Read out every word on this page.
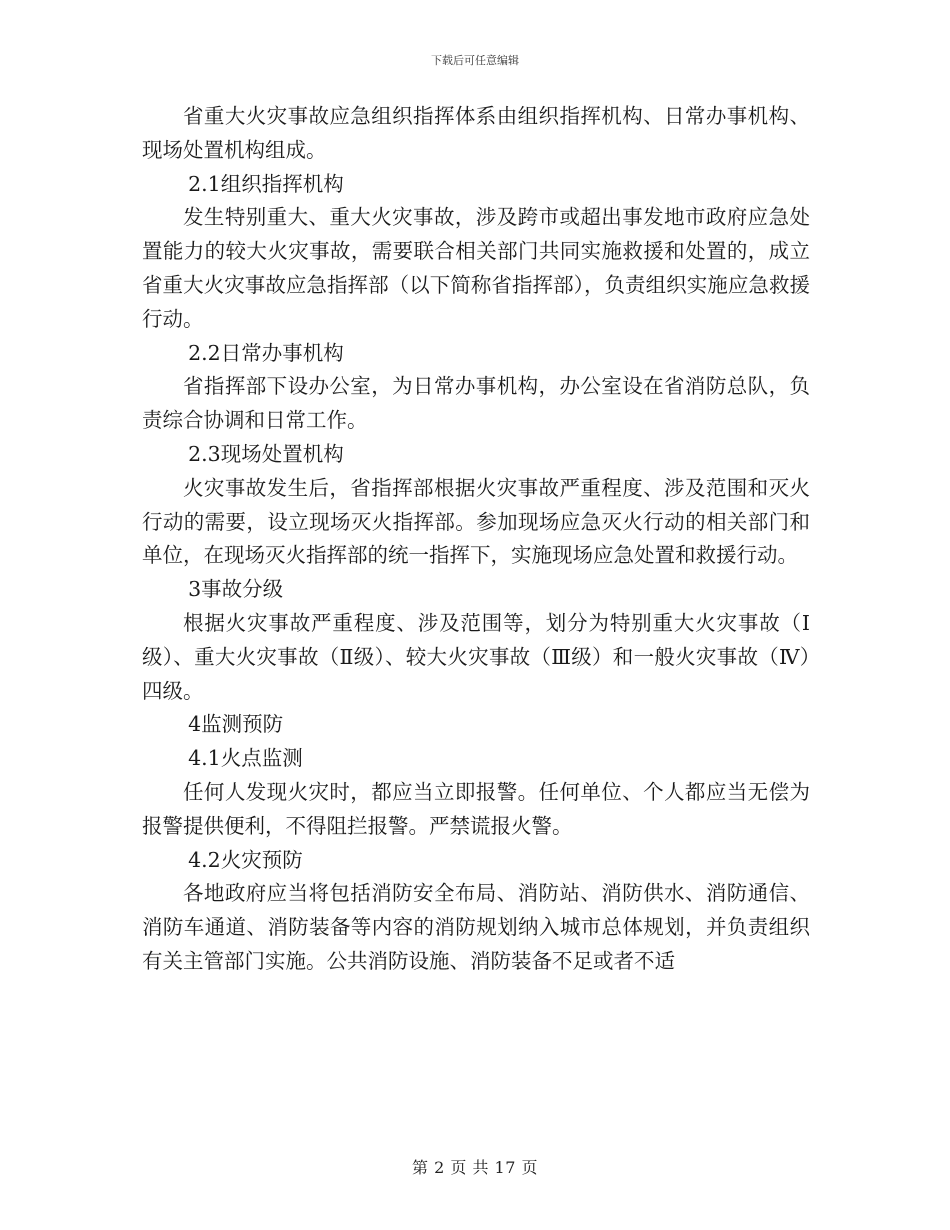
下载后可任意编辑
省重大火灾事故应急组织指挥体系由组织指挥机构、日常办事机构、现场处置机构组成。
2.1组织指挥机构
发生特别重大、重大火灾事故，涉及跨市或超出事发地市政府应急处置能力的较大火灾事故，需要联合相关部门共同实施救援和处置的，成立省重大火灾事故应急指挥部（以下简称省指挥部），负责组织实施应急救援行动。
2.2日常办事机构
省指挥部下设办公室，为日常办事机构，办公室设在省消防总队，负责综合协调和日常工作。
2.3现场处置机构
火灾事故发生后，省指挥部根据火灾事故严重程度、涉及范围和灭火行动的需要，设立现场灭火指挥部。参加现场应急灭火行动的相关部门和单位，在现场灭火指挥部的统一指挥下，实施现场应急处置和救援行动。
3事故分级
根据火灾事故严重程度、涉及范围等，划分为特别重大火灾事故（Ⅰ级）、重大火灾事故（Ⅱ级）、较大火灾事故（Ⅲ级）和一般火灾事故（Ⅳ）四级。
4监测预防
4.1火点监测
任何人发现火灾时，都应当立即报警。任何单位、个人都应当无偿为报警提供便利，不得阻拦报警。严禁谎报火警。
4.2火灾预防
各地政府应当将包括消防安全布局、消防站、消防供水、消防通信、消防车通道、消防装备等内容的消防规划纳入城市总体规划，并负责组织有关主管部门实施。公共消防设施、消防装备不足或者不适
第 2 页 共 17 页
